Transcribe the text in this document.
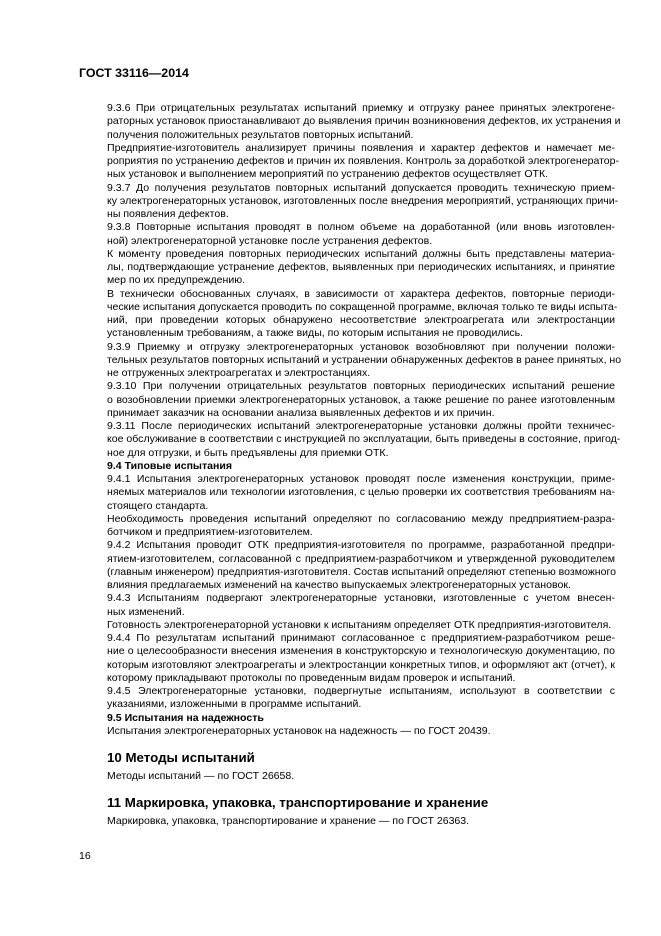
ГОСТ 33116—2014
9.3.6 При отрицательных результатах испытаний приемку и отгрузку ранее принятых электрогене-
раторных установок приостанавливают до выявления причин возникновения дефектов, их устранения и
получения положительных результатов повторных испытаний.
Предприятие-изготовитель анализирует причины появления и характер дефектов и намечает ме-
роприятия по устранению дефектов и причин их появления. Контроль за доработкой электрогенератор-
ных установок и выполнением мероприятий по устранению дефектов осуществляет ОТК.
9.3.7 До получения результатов повторных испытаний допускается проводить техническую прием-
ку электрогенераторных установок, изготовленных после внедрения мероприятий, устраняющих причи-
ны появления дефектов.
9.3.8 Повторные испытания проводят в полном объеме на доработанной (или вновь изготовлен-
ной) электрогенераторной установке после устранения дефектов.
К моменту проведения повторных периодических испытаний должны быть представлены материа-
лы, подтверждающие устранение дефектов, выявленных при периодических испытаниях, и принятие
мер по их предупреждению.
В технически обоснованных случаях, в зависимости от характера дефектов, повторные периоди-
ческие испытания допускается проводить по сокращенной программе, включая только те виды испыта-
ний, при проведении которых обнаружено несоответствие электроагрегата или электростанции
установленным требованиям, а также виды, по которым испытания не проводились.
9.3.9 Приемку и отгрузку электрогенераторных установок возобновляют при получении положи-
тельных результатов повторных испытаний и устранении обнаруженных дефектов в ранее принятых, но
не отгруженных электроагрегатах и электростанциях.
9.3.10 При получении отрицательных результатов повторных периодических испытаний решение
о возобновлении приемки электрогенераторных установок, а также решение по ранее изготовленным
принимает заказчик на основании анализа выявленных дефектов и их причин.
9.3.11 После периодических испытаний электрогенераторные установки должны пройти техничес-
кое обслуживание в соответствии с инструкцией по эксплуатации, быть приведены в состояние, пригод-
ное для отгрузки, и быть предъявлены для приемки ОТК.
9.4 Типовые испытания
9.4.1 Испытания электрогенераторных установок проводят после изменения конструкции, приме-
няемых материалов или технологии изготовления, с целью проверки их соответствия требованиям на-
стоящего стандарта.
Необходимость проведения испытаний определяют по согласованию между предприятием-разра-
ботчиком и предприятием-изготовителем.
9.4.2 Испытания проводит ОТК предприятия-изготовителя по программе, разработанной предпри-
ятием-изготовителем, согласованной с предприятием-разработчиком и утвержденной руководителем
(главным инженером) предприятия-изготовителя. Состав испытаний определяют степенью возможного
влияния предлагаемых изменений на качество выпускаемых электрогенераторных установок.
9.4.3 Испытаниям подвергают электрогенераторные установки, изготовленные с учетом внесен-
ных изменений.
Готовность электрогенераторной установки к испытаниям определяет ОТК предприятия-изготовителя.
9.4.4 По результатам испытаний принимают согласованное с предприятием-разработчиком реше-
ние о целесообразности внесения изменения в конструкторскую и технологическую документацию, по
которым изготовляют электроагрегаты и электростанции конкретных типов, и оформляют акт (отчет), к
которому прикладывают протоколы по проведенным видам проверок и испытаний.
9.4.5 Электрогенераторные установки, подвергнутые испытаниям, используют в соответствии с
указаниями, изложенными в программе испытаний.
9.5 Испытания на надежность
Испытания электрогенераторных установок на надежность — по ГОСТ 20439.
10 Методы испытаний
Методы испытаний — по ГОСТ 26658.
11 Маркировка, упаковка, транспортирование и хранение
Маркировка, упаковка, транспортирование и хранение — по ГОСТ 26363.
16
